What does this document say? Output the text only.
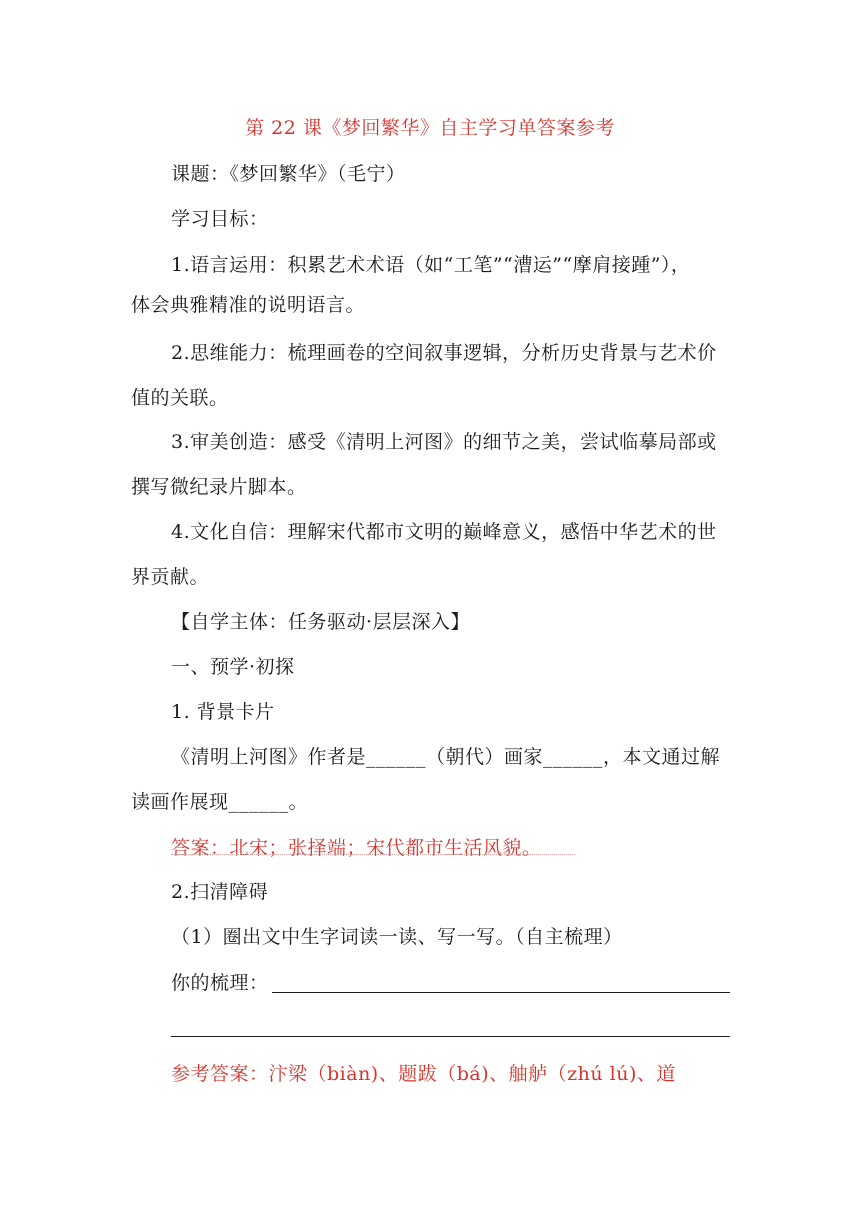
第 22 课《梦回繁华》自主学习单答案参考
课题：《梦回繁华》（毛宁）
学习目标：
1.语言运用：积累艺术术语（如“工笔”“漕运”“摩肩接踵”），
体会典雅精准的说明语言。
2.思维能力：梳理画卷的空间叙事逻辑，分析历史背景与艺术价
值的关联。
3.审美创造：感受《清明上河图》的细节之美，尝试临摹局部或
撰写微纪录片脚本。
4.文化自信：理解宋代都市文明的巅峰意义，感悟中华艺术的世
界贡献。
【自学主体：任务驱动·层层深入】
一、预学·初探
1. 背景卡片
《清明上河图》作者是______（朝代）画家______，本文通过解
读画作展现______。
答案：北宋；张择端；宋代都市生活风貌。
2.扫清障碍
（1）圈出文中生字词读一读、写一写。（自主梳理）
你的梳理：
参考答案：汴梁（biàn)、题跋（bá)、舳舻（zhú lú)、道
